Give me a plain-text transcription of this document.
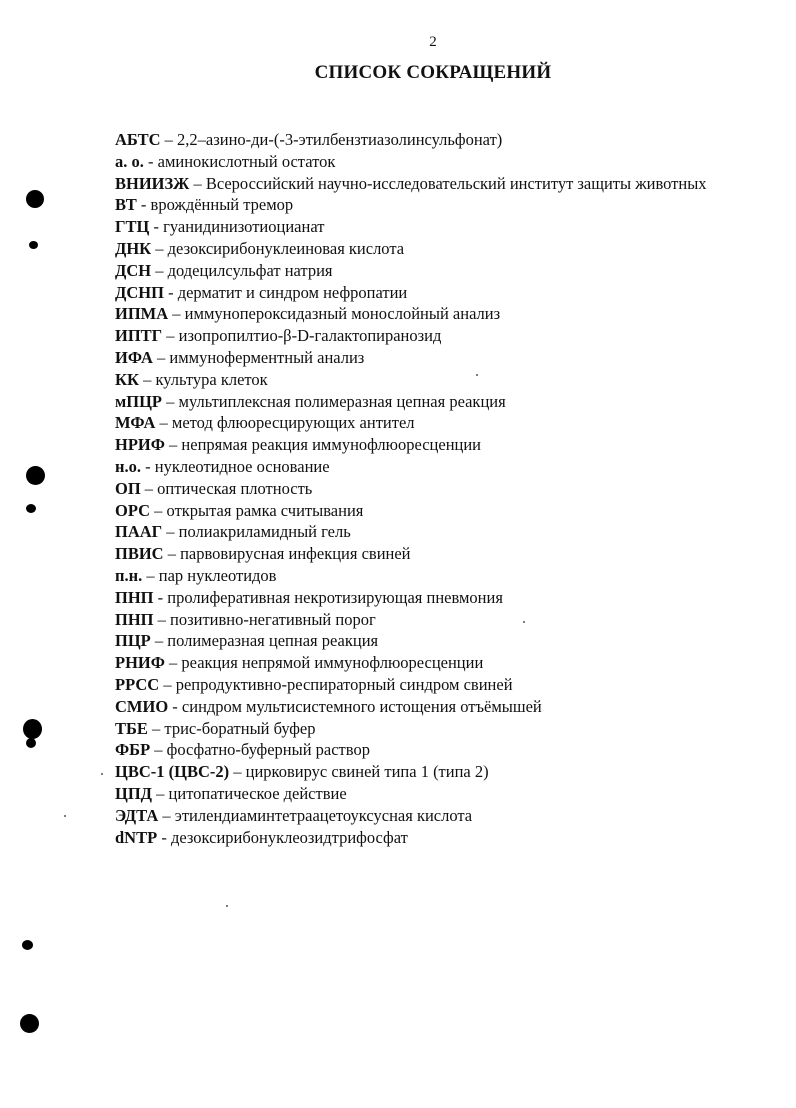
2
СПИСОК СОКРАЩЕНИЙ
АБТС – 2,2–азино-ди-(-3-этилбензтиазолинсульфонат)
а. о. - аминокислотный остаток
ВНИИЗЖ – Всероссийский научно-исследовательский институт защиты животных
ВТ - врождённый тремор
ГТЦ - гуанидинизотиоцианат
ДНК – дезоксирибонуклеиновая кислота
ДСН – додецилсульфат натрия
ДСНП - дерматит и синдром нефропатии
ИПМА – иммунопероксидазный монослойный анализ
ИПТГ – изопропилтио-β-D-галактопиранозид
ИФА – иммуноферментный анализ
КК – культура клеток
мПЦР – мультиплексная полимеразная цепная реакция
МФА – метод флюоресцирующих антител
НРИФ – непрямая реакция иммунофлюоресценции
н.о. - нуклеотидное основание
ОП – оптическая плотность
ОРС – открытая рамка считывания
ПААГ – полиакриламидный гель
ПВИС – парвовирусная инфекция свиней
п.н. – пар нуклеотидов
ПНП - пролиферативная некротизирующая пневмония
ПНП – позитивно-негативный порог
ПЦР – полимеразная цепная реакция
РНИФ – реакция непрямой иммунофлюоресценции
РРСС – репродуктивно-респираторный синдром свиней
СМИО - синдром мультисистемного истощения отъёмышей
ТБЕ – трис-боратный буфер
ФБР – фосфатно-буферный раствор
ЦВС-1 (ЦВС-2) – цирковирус свиней типа 1 (типа 2)
ЦПД – цитопатическое действие
ЭДТА – этилендиаминтетраацетоуксусная кислота
dNTP - дезоксирибонуклеозидтрифосфат
